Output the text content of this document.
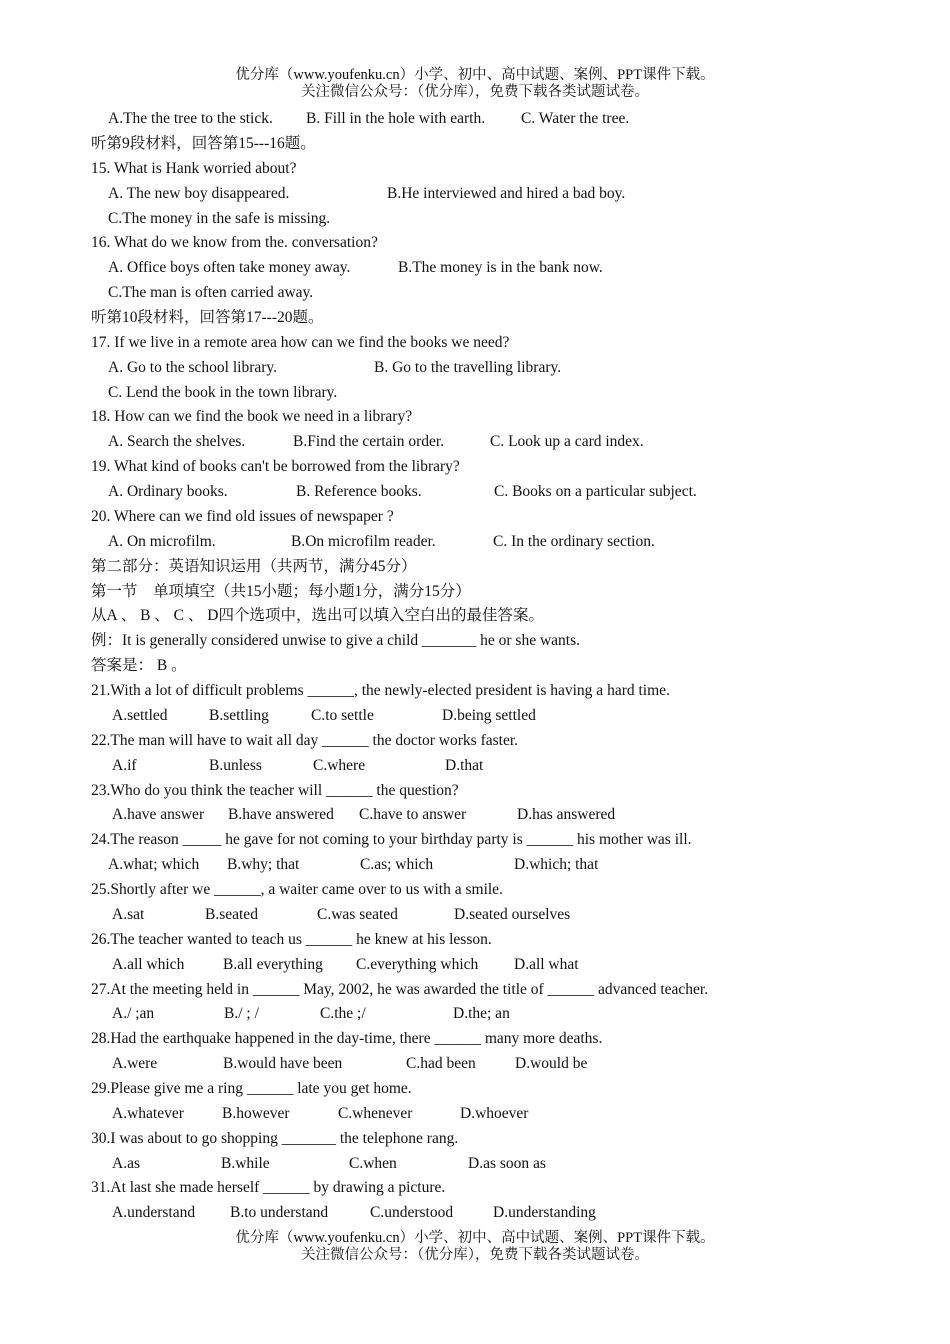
优分库（www.youfenku.cn）小学、初中、高中试题、案例、PPT课件下载。
关注微信公众号：（优分库），免费下载各类试题试卷。
A.The the tree to the stick. B. Fill in the hole with earth. C. Water the tree.
听第9段材料，回答第15---16题。
15. What is Hank worried about?
A. The new boy disappeared.	B.He interviewed and hired a bad boy.
C.The money in the safe is missing.
16. What do we know from the. conversation?
A. Office boys often take money away.	B.The money is in the bank now.
C.The man is often carried away.
听第10段材料，回答第17---20题。
17. If we live in a remote area how can we find the books we need?
A. Go to the school library.	B. Go to the travelling library.
C. Lend the book in the town library.
18. How can we find the book we need in a library?
A. Search the shelves.	B.Find the certain order.	C. Look up a card index.
19. What kind of books can't be borrowed from the library?
A. Ordinary books.	B. Reference books.	C. Books on a particular subject.
20. Where can we find old issues of newspaper ?
A. On microfilm.	B.On microfilm reader.	C. In the ordinary section.
第二部分：英语知识运用（共两节，满分45分）
第一节　单项填空（共15小题；每小题1分，满分15分）
从A 、 B 、 C 、 D四个选项中，选出可以填入空白出的最佳答案。
例：It is generally considered unwise to give a child _______ he or she wants.
答案是： B 。
21.With a lot of difficult problems ______, the newly-elected president is having a hard time.
A.settled	B.settling	C.to settle	D.being settled
22.The man will have to wait all day ______ the doctor works faster.
A.if	B.unless	C.where	D.that
23.Who do you think the teacher will ______ the question?
A.have answer B.have answered C.have to answer	D.has answered
24.The reason _____ he gave for not coming to your birthday party is ______ his mother was ill.
A.what; which B.why; that	C.as; which	D.which; that
25.Shortly after we ______, a waiter came over to us with a smile.
A.sat	B.seated	C.was seated	D.seated ourselves
26.The teacher wanted to teach us ______ he knew at his lesson.
A.all which B.all everything C.everything which D.all what
27.At the meeting held in ______ May, 2002, he was awarded the title of ______ advanced teacher.
A./ ;an	B./ ; /	C.the ;/	D.the; an
28.Had the earthquake happened in the day-time, there ______ many more deaths.
A.were	B.would have been	C.had been	D.would be
29.Please give me a ring ______ late you get home.
A.whatever B.however	C.whenever	D.whoever
30.I was about to go shopping _______ the telephone rang.
A.as	B.while	C.when	D.as soon as
31.At last she made herself ______ by drawing a picture.
A.understand B.to understand	C.understood	D.understanding
优分库（www.youfenku.cn）小学、初中、高中试题、案例、PPT课件下载。
关注微信公众号：（优分库），免费下载各类试题试卷。
